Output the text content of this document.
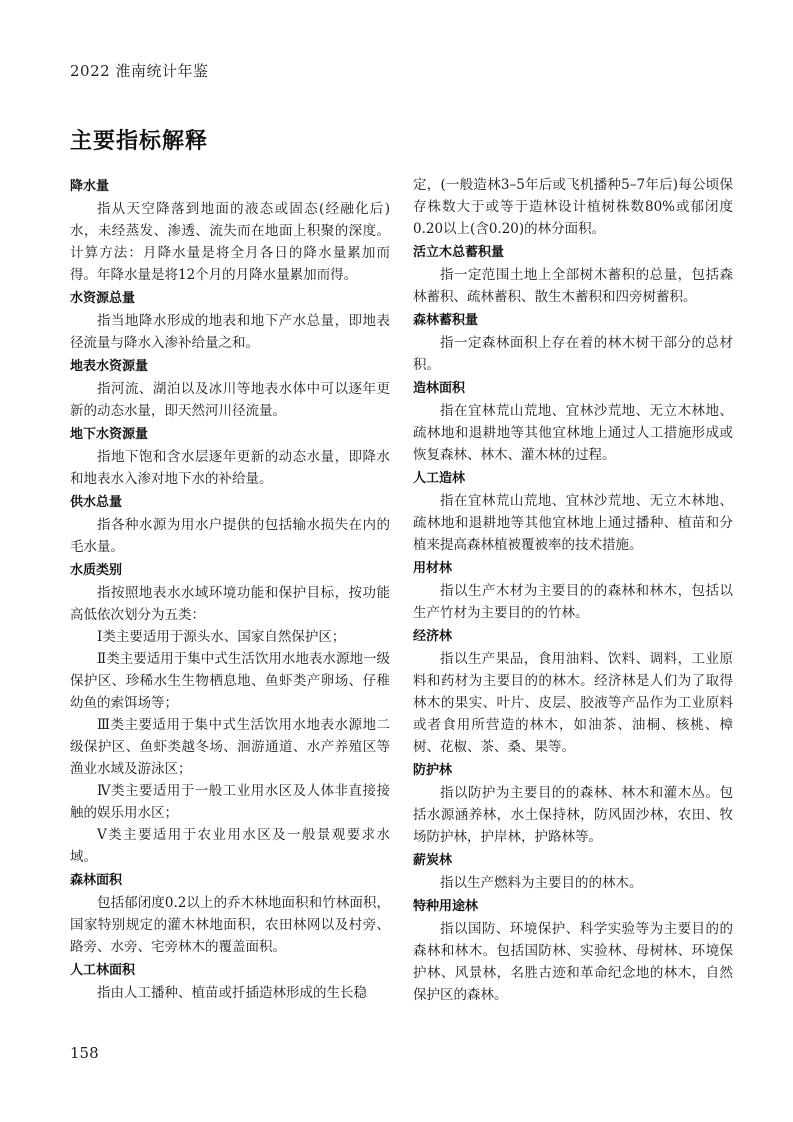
2022 淮南统计年鉴
主要指标解释
降水量

指从天空降落到地面的液态或固态(经融化后)水，未经蒸发、渗透、流失而在地面上积聚的深度。计算方法：月降水量是将全月各日的降水量累加而得。年降水量是将12个月的月降水量累加而得。

水资源总量

指当地降水形成的地表和地下产水总量，即地表径流量与降水入渗补给量之和。

地表水资源量

指河流、湖泊以及冰川等地表水体中可以逐年更新的动态水量，即天然河川径流量。

地下水资源量

指地下饱和含水层逐年更新的动态水量，即降水和地表水入渗对地下水的补给量。

供水总量

指各种水源为用水户提供的包括输水损失在内的毛水量。

水质类别

指按照地表水水域环境功能和保护目标，按功能高低依次划分为五类：

Ⅰ类主要适用于源头水、国家自然保护区；

Ⅱ类主要适用于集中式生活饮用水地表水源地一级保护区、珍稀水生生物栖息地、鱼虾类产卵场、仔稚幼鱼的索饵场等；

Ⅲ类主要适用于集中式生活饮用水地表水源地二级保护区、鱼虾类越冬场、洄游通道、水产养殖区等渔业水域及游泳区；

Ⅳ类主要适用于一般工业用水区及人体非直接接触的娱乐用水区；

Ⅴ类主要适用于农业用水区及一般景观要求水域。

森林面积

包括郁闭度0.2以上的乔木林地面积和竹林面积，国家特别规定的灌木林地面积，农田林网以及村旁、路旁、水旁、宅旁林木的覆盖面积。

人工林面积

指由人工播种、植苗或扦插造林形成的生长稳

定，(一般造林3–5年后或飞机播种5–7年后)每公顷保存株数大于或等于造林设计植树株数80%或郁闭度0.20以上(含0.20)的林分面积。

活立木总蓄积量

指一定范围土地上全部树木蓄积的总量，包括森林蓄积、疏林蓄积、散生木蓄积和四旁树蓄积。

森林蓄积量

指一定森林面积上存在着的林木树干部分的总材积。

造林面积

指在宜林荒山荒地、宜林沙荒地、无立木林地、疏林地和退耕地等其他宜林地上通过人工措施形成或恢复森林、林木、灌木林的过程。

人工造林

指在宜林荒山荒地、宜林沙荒地、无立木林地、疏林地和退耕地等其他宜林地上通过播种、植苗和分植来提高森林植被覆被率的技术措施。

用材林

指以生产木材为主要目的的森林和林木，包括以生产竹材为主要目的的竹林。

经济林

指以生产果品，食用油料、饮料、调料，工业原料和药材为主要目的的林木。经济林是人们为了取得林木的果实、叶片、皮层、胶液等产品作为工业原料或者食用所营造的林木，如油茶、油桐、核桃、樟树、花椒、茶、桑、果等。

防护林

指以防护为主要目的的森林、林木和灌木丛。包括水源涵养林，水土保持林，防风固沙林，农田、牧场防护林，护岸林，护路林等。

薪炭林

指以生产燃料为主要目的的林木。

特种用途林

指以国防、环境保护、科学实验等为主要目的的森林和林木。包括国防林、实验林、母树林、环境保护林、风景林，名胜古迹和革命纪念地的林木，自然保护区的森林。

158
